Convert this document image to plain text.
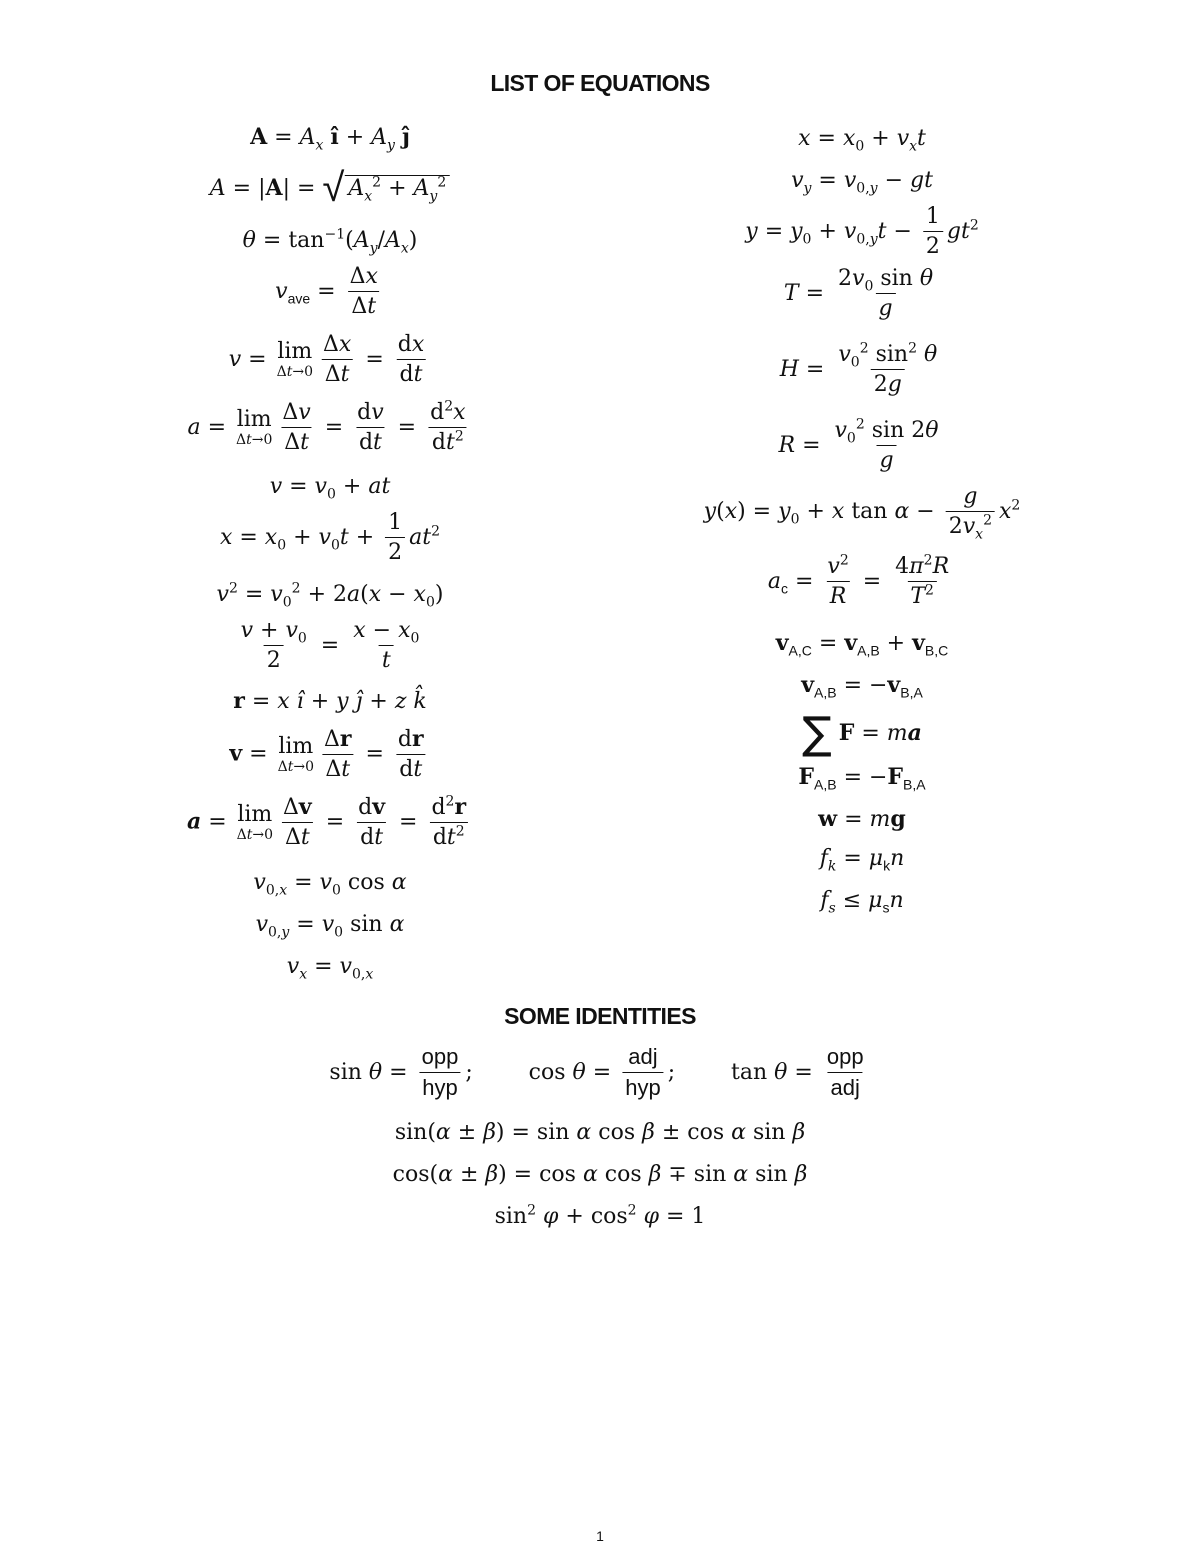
LIST OF EQUATIONS
$A = A_x$ î + $A_y$ ĵ
A = |A| = √ $A_x^2 + A_y^2$
$\theta = \tan^{-1}(A_y/A_x)$
$v_{ave} = \frac{\Delta x}{\Delta t}$
v = lim
$\Delta t\to 0 \frac{\Delta x}{\Delta t} = \frac{dx}{dt}$
a = lim
$\Delta t\to 0 \frac{\Delta v}{\Delta t} = \frac{dv}{dt} = \frac{d^2x}{dt^2}$
$v = v_0$ + at
$x = x_0 + v_0t + \frac{1}{2} at^2$
$v^2 = v_0^2 + 2a(x - x_0)$
$\frac{v + v_0}{2} = \frac{x - x_0}{t}$
r = x î + y ĵ + z k̂
v = lim
$\Delta t\to 0 \frac{\Delta r}{\Delta t} = \frac{dr}{dt}$
a = lim
$\Delta t\to 0 \frac{\Delta v}{\Delta t} = \frac{dv}{dt} = \frac{d^2r}{dt^2}$
$v_{0,x} = v_0$ cos α
$v_{0,y} = v_0$ sin α
$v_x = v_{0,x}$
$x = x_0 + v_xt$
$v_y = v_{0,y}$ − gt
$y = y_0 + v_{0,y}t - \frac{1}{2} gt^2$
$T = \frac{2v_0 \sin \theta}{g}$
$H = \frac{v_0^2 \sin^2 \theta}{2g}$
$R = \frac{v_0^2 \sin 2\theta}{g}$
$y(x) = y_0 + x$ $\tan \alpha - \frac{g}{2v_x^2} x^2$
$a_c = \frac{v^2}{R} = \frac{4\pi^2R}{T^2}$
$v_{A,C} = v_{A,B} + v_{B,C}$
$v_{A,B} = -v_{B,A}$
∑ F = ma
$F_{A,B} = -F_{B,A}$
w = mg
$f_k = \mu_kn$
$f_s \le \mu_sn$
SOME IDENTITIES
$\sin \theta = \frac{\text{opp}}{\text{hyp}}$ ;        $\cos \theta = \frac{\text{adj}}{\text{hyp}}$ ;        $\tan \theta = \frac{\text{opp}}{\text{adj}}$
sin(α ± β) = sin α cos β ± cos α sin β
cos(α ± β) = cos α cos β ∓ sin α sin β
$\sin^2 \varphi + \cos^2 \varphi = 1$
1
